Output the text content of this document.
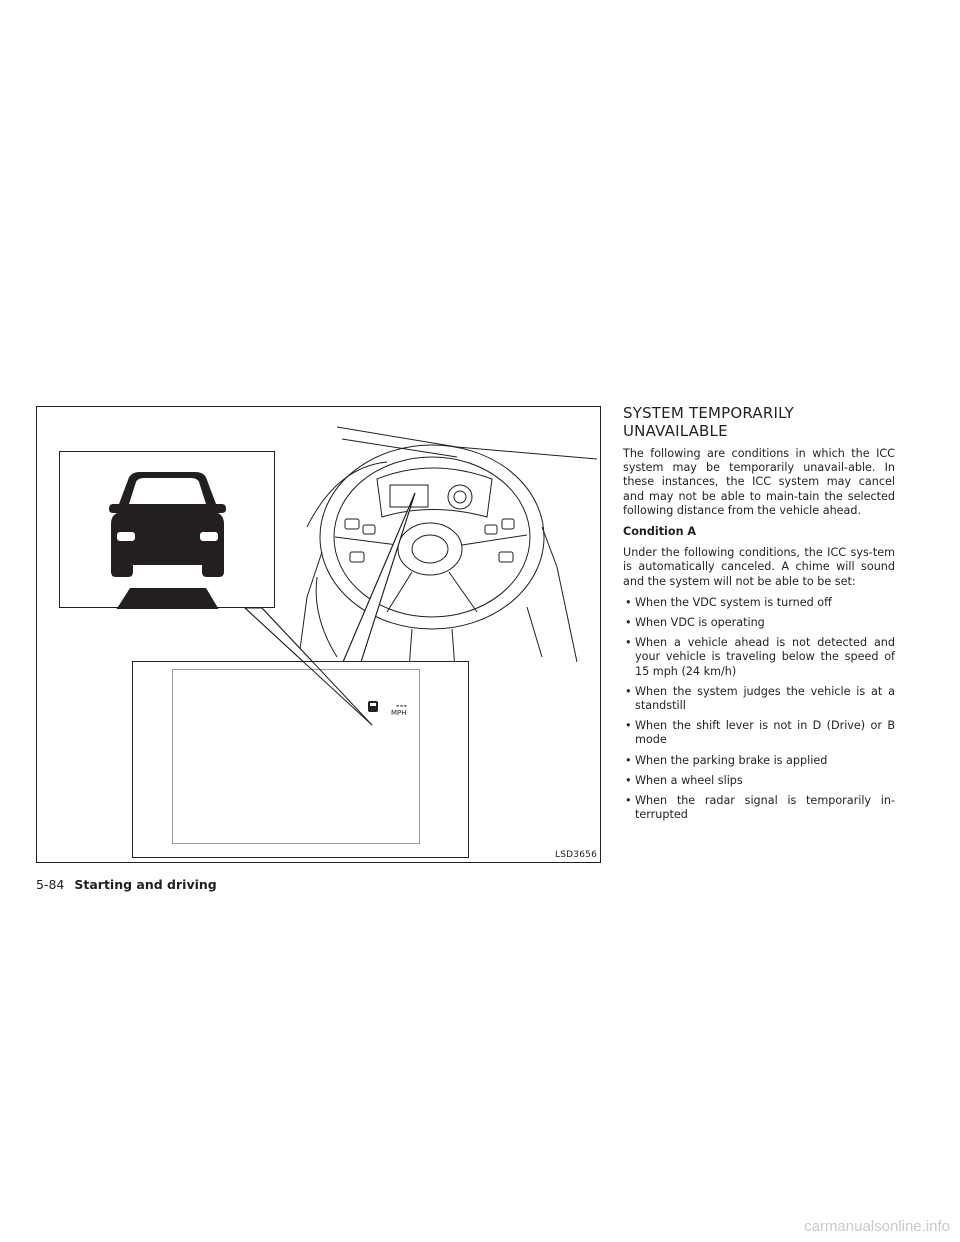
---
MPH
LSD3656
SYSTEM TEMPORARILY UNAVAILABLE

The following are conditions in which the ICC system may be temporarily unavail-able. In these instances, the ICC system may cancel and may not be able to main-tain the selected following distance from the vehicle ahead.

Condition A

Under the following conditions, the ICC sys-tem is automatically canceled. A chime will sound and the system will not be able to be set:

• When the VDC system is turned off
• When VDC is operating
• When a vehicle ahead is not detected and your vehicle is traveling below the speed of 15 mph (24 km/h)
• When the system judges the vehicle is at a standstill
• When the shift lever is not in D (Drive) or B mode
• When the parking brake is applied
• When a wheel slips
• When the radar signal is temporarily in-terrupted
5-84 Starting and driving
carmanualsonline.info
